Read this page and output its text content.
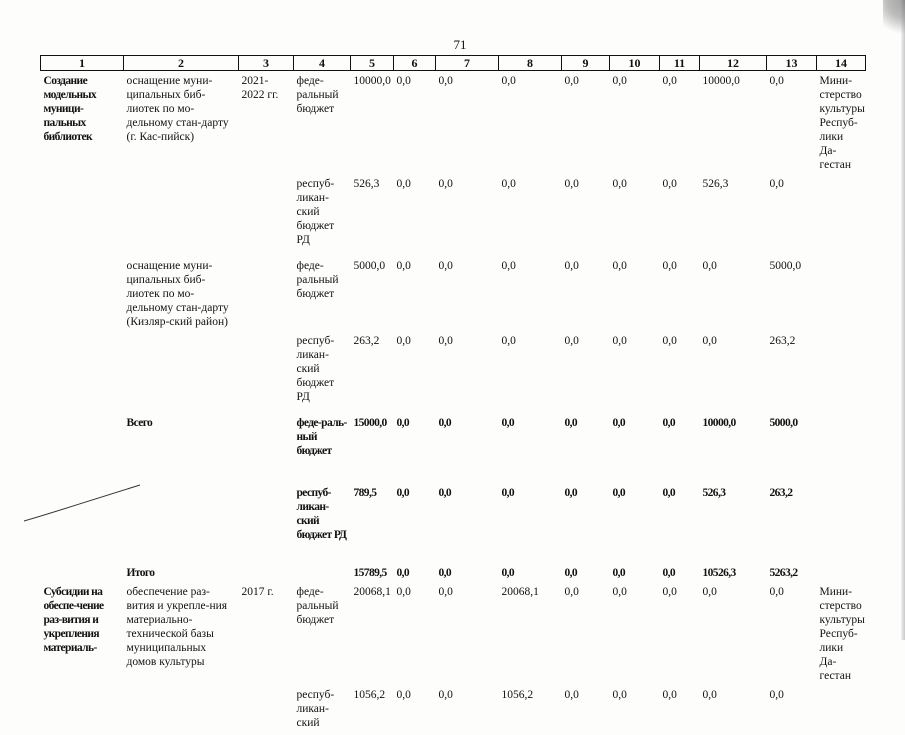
71
1	2	3	4	5	6	7	8	9	10	11	12	13	14
Создание модельных муници-пальных библиотек	оснащение муни-ципальных биб-лиотек по мо-дельному стан-дарту (г. Кас-пийск)	2021-2022 гг.	феде-ральный бюджет	10000,0	0,0	0,0	0,0	0,0	0,0	0,0	10000,0	0,0	Мини-стерство культуры Респуб-лики Да-гестан
			респуб-ликан-ский бюджет РД	526,3	0,0	0,0	0,0	0,0	0,0	0,0	526,3	0,0	
	оснащение муни-ципальных биб-лиотек по мо-дельному стан-дарту (Кизляр-ский район)		феде-ральный бюджет	5000,0	0,0	0,0	0,0	0,0	0,0	0,0	0,0	5000,0	
			респуб-ликан-ский бюджет РД	263,2	0,0	0,0	0,0	0,0	0,0	0,0	0,0	263,2	
	Всего		феде-раль-ный бюджет	15000,0	0,0	0,0	0,0	0,0	0,0	0,0	10000,0	5000,0	
			респуб-ликан-ский бюджет РД	789,5	0,0	0,0	0,0	0,0	0,0	0,0	526,3	263,2	
	Итого			15789,5	0,0	0,0	0,0	0,0	0,0	0,0	10526,3	5263,2	
Субсидии на обеспе-чение раз-вития и укрепления материаль-	обеспечение раз-вития и укрепле-ния материально-технической базы муниципальных домов культуры	2017 г.	феде-ральный бюджет	20068,1	0,0	0,0	20068,1	0,0	0,0	0,0	0,0	0,0	Мини-стерство культуры Респуб-лики Да-гестан
			респуб-ликан-ский	1056,2	0,0	0,0	1056,2	0,0	0,0	0,0	0,0	0,0	
